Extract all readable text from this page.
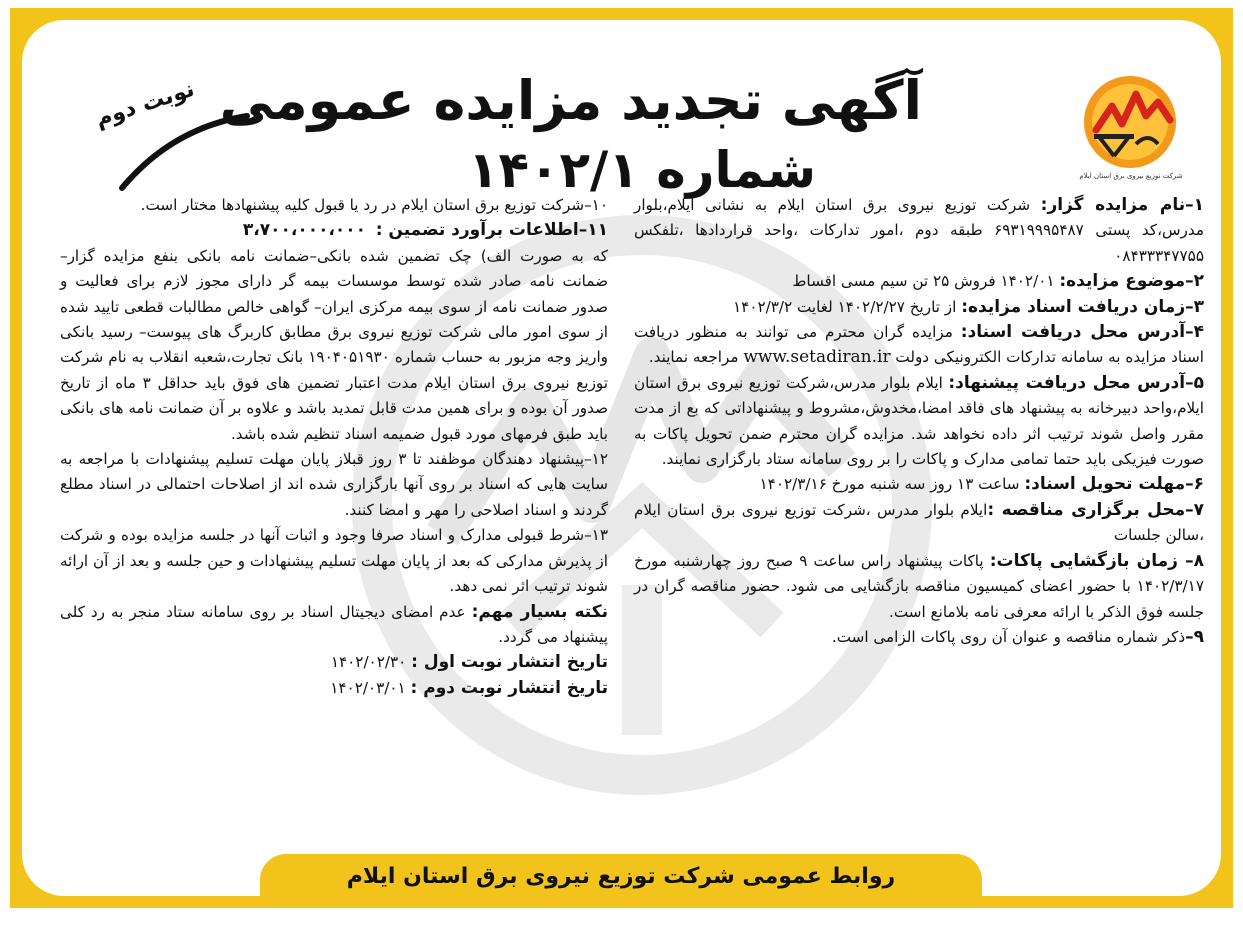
آگهی تجدید مزایده عمومی
شماره ۱۴۰۲/۱
نوبت دوم
شرکت توزیع نیروی برق استان ایلام

۱–نام مزایده گزار: شرکت توزیع نیروی برق استان ایلام به نشانی ایلام،بلوار مدرس،کد پستی ۶۹۳۱۹۹۹۵۴۸۷ طبقه دوم ،امور تدارکات ،واحد قراردادها ،تلفکس ۰۸۴۳۳۳۴۷۷۵۵

۲–موضوع مزایده: ۱۴۰۲/۰۱ فروش ۲۵ تن سیم مسی اقساط

۳–زمان دریافت اسناد مزایده: از تاریخ ۱۴۰۲/۲/۲۷ لغایت ۱۴۰۲/۳/۲

۴–آدرس محل دریافت اسناد: مزایده گران محترم می توانند به منظور دریافت اسناد مزایده به سامانه تدارکات الکترونیکی دولت www.setadiran.ir مراجعه نمایند.

۵–آدرس محل دریافت پیشنهاد: ایلام بلوار مدرس،شرکت توزیع نیروی برق استان ایلام،واحد دبیرخانه به پیشنهاد های فاقد امضا،مخدوش،مشروط و پیشنهاداتی که بع از مدت مقرر واصل شوند ترتیب اثر داده نخواهد شد. مزایده گران محترم ضمن تحویل پاکات به صورت فیزیکی باید حتما تمامی مدارک و پاکات را بر روی سامانه ستاد بارگزاری نمایند.

۶–مهلت تحویل اسناد: ساعت ۱۳ روز سه شنبه مورخ ۱۴۰۲/۳/۱۶

۷–محل برگزاری مناقصه :ایلام بلوار مدرس ،شرکت توزیع نیروی برق استان ایلام ،سالن جلسات

۸– زمان بازگشایی پاکات: پاکات پیشنهاد راس ساعت ۹ صبح روز چهارشنبه مورخ ۱۴۰۲/۳/۱۷ با حضور اعضای کمیسیون مناقصه بازگشایی می شود. حضور مناقصه گران در جلسه فوق الذکر با ارائه معرفی نامه بلامانع است.

۹–ذکر شماره مناقصه و عنوان آن روی پاکات الزامی است.

۱۰–شرکت توزیع برق استان ایلام در رد یا قبول کلیه پیشنهادها مختار است.

۱۱–اطلاعات برآورد تضمین :  ۳،۷۰۰،۰۰۰،۰۰۰

که به صورت الف) چک تضمین شده بانکی–ضمانت نامه بانکی بنفع مزایده گزار– ضمانت نامه صادر شده توسط موسسات بیمه گر دارای مجوز لازم برای فعالیت و صدور ضمانت نامه از سوی بیمه مرکزی ایران– گواهی خالص مطالبات قطعی تایید شده از سوی امور مالی شرکت توزیع نیروی برق مطابق کاربرگ های پیوست– رسید بانکی واریز وجه مزبور به حساب شماره ۱۹۰۴۰۵۱۹۳۰ بانک تجارت،شعبه انقلاب به نام شرکت توزیع نیروی برق استان ایلام مدت اعتبار تضمین های فوق باید حداقل ۳ ماه از تاریخ صدور آن بوده و برای همین مدت قابل تمدید باشد و علاوه بر آن ضمانت نامه های بانکی باید طبق فرمهای مورد قبول ضمیمه اسناد تنظیم شده باشد.

۱۲–پیشنهاد دهندگان موظفند تا ۳ روز قبلاز پایان مهلت تسلیم پیشنهادات با مراجعه به سایت هایی که اسناد بر روی آنها بارگزاری شده اند از اصلاحات احتمالی در اسناد مطلع گردند و اسناد اصلاحی را مهر و امضا کنند.

۱۳–شرط قبولی مدارک و اسناد صرفا وجود و اثبات آنها در جلسه مزایده بوده و شرکت از پذیرش مدارکی که بعد از پایان مهلت تسلیم پیشنهادات و حین جلسه و بعد از آن ارائه شوند ترتیب اثر نمی دهد.

نکته بسیار مهم: عدم امضای دیجیتال اسناد بر روی سامانه ستاد منجر به رد کلی پیشنهاد می گردد.

تاریخ انتشار نوبت اول : ۱۴۰۲/۰۲/۳۰

تاریخ انتشار نوبت دوم : ۱۴۰۲/۰۳/۰۱

روابط عمومی شرکت توزیع نیروی برق استان ایلام
